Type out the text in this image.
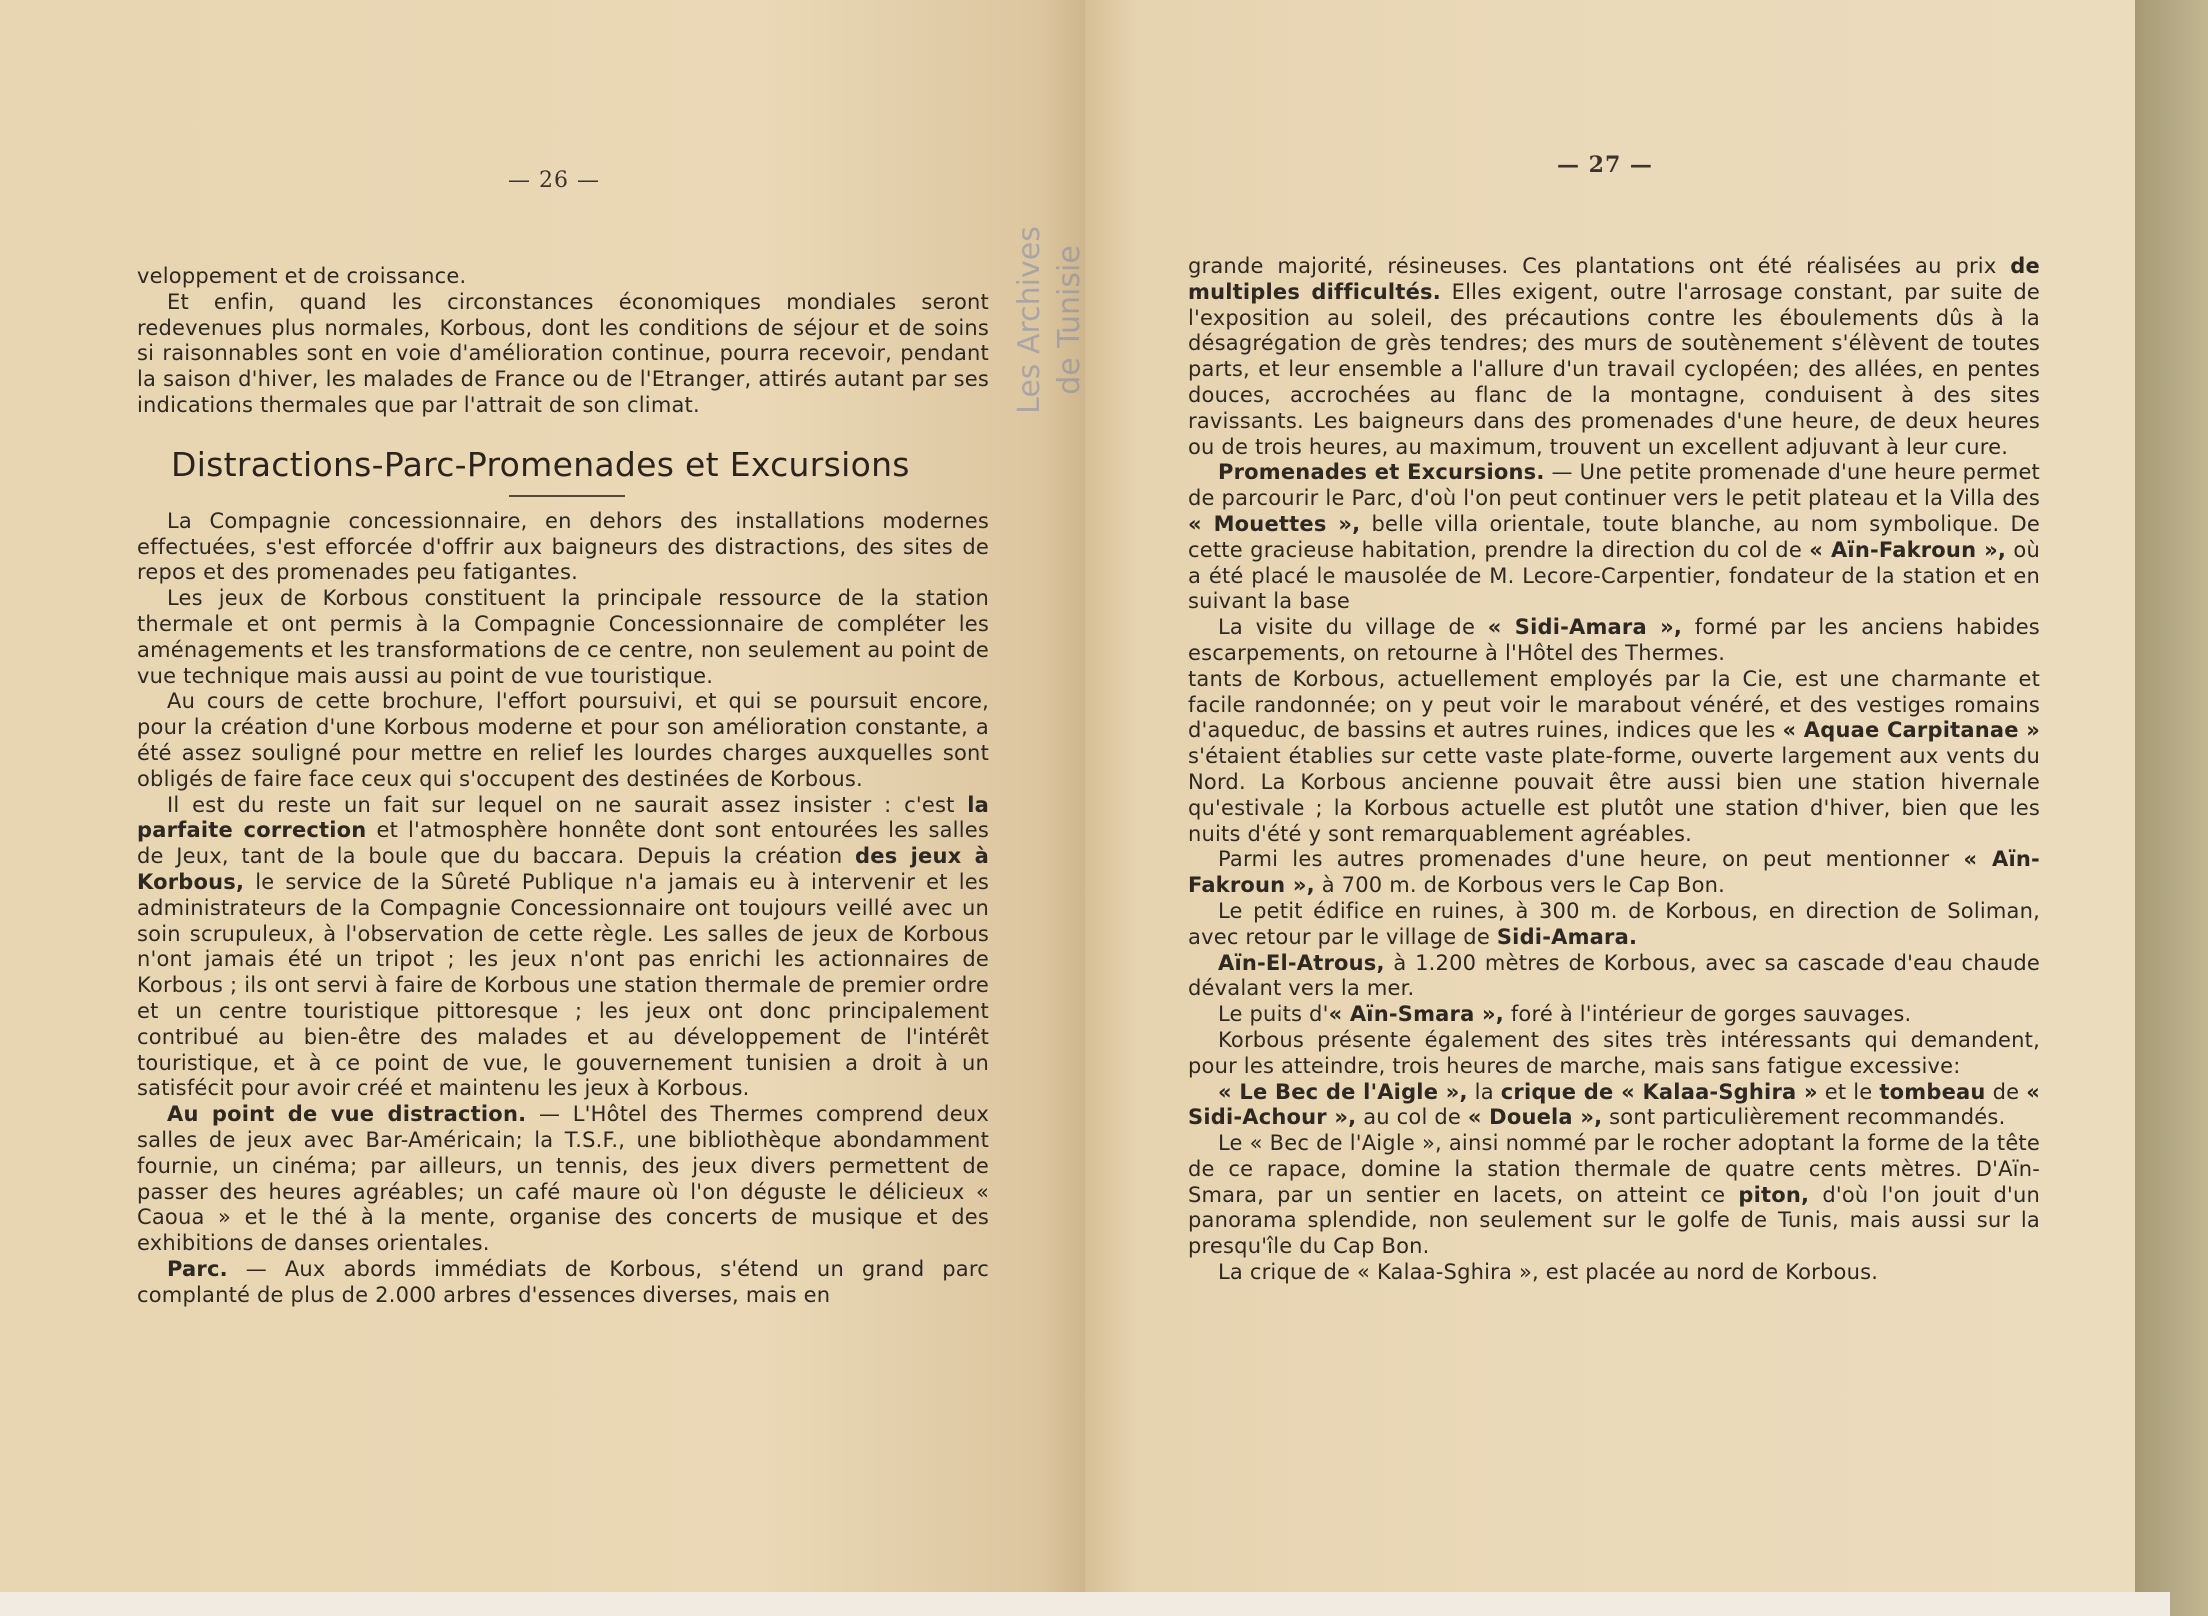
— 26 —
— 27 —

veloppement et de croissance.

Et enfin, quand les circonstances économiques mondiales seront redevenues plus normales, Korbous, dont les conditions de séjour et de soins si raisonnables sont en voie d'amélioration continue, pourra recevoir, pendant la saison d'hiver, les malades de France ou de l'Etranger, attirés autant par ses indications thermales que par l'attrait de son climat.

Distractions-Parc-Promenades et Excursions

La Compagnie concessionnaire, en dehors des installations modernes effectuées, s'est efforcée d'offrir aux baigneurs des distractions, des sites de repos et des promenades peu fatigantes.

Les jeux de Korbous constituent la principale ressource de la station thermale et ont permis à la Compagnie Concessionnaire de compléter les aménagements et les transformations de ce centre, non seulement au point de vue technique mais aussi au point de vue touristique.

Au cours de cette brochure, l'effort poursuivi, et qui se poursuit encore, pour la création d'une Korbous moderne et pour son amélioration constante, a été assez souligné pour mettre en relief les lourdes charges auxquelles sont obligés de faire face ceux qui s'occupent des destinées de Korbous.

Il est du reste un fait sur lequel on ne saurait assez insister : c'est la parfaite correction et l'atmosphère honnête dont sont entourées les salles de Jeux, tant de la boule que du baccara. Depuis la création des jeux à Korbous, le service de la Sûreté Publique n'a jamais eu à intervenir et les administrateurs de la Compagnie Concessionnaire ont toujours veillé avec un soin scrupuleux, à l'observation de cette règle. Les salles de jeux de Korbous n'ont jamais été un tripot ; les jeux n'ont pas enrichi les actionnaires de Korbous ; ils ont servi à faire de Korbous une station thermale de premier ordre et un centre touristique pittoresque ; les jeux ont donc principalement contribué au bien-être des malades et au développement de l'intérêt touristique, et à ce point de vue, le gouvernement tunisien a droit à un satisfécit pour avoir créé et maintenu les jeux à Korbous.

Au point de vue distraction. — L'Hôtel des Thermes comprend deux salles de jeux avec Bar-Américain; la T.S.F., une bibliothèque abondamment fournie, un cinéma; par ailleurs, un tennis, des jeux divers permettent de passer des heures agréables; un café maure où l'on déguste le délicieux « Caoua » et le thé à la mente, organise des concerts de musique et des exhibitions de danses orientales.

Parc. — Aux abords immédiats de Korbous, s'étend un grand parc complanté de plus de 2.000 arbres d'essences diverses, mais en

grande majorité, résineuses. Ces plantations ont été réalisées au prix de multiples difficultés. Elles exigent, outre l'arrosage constant, par suite de l'exposition au soleil, des précautions contre les éboulements dûs à la désagrégation de grès tendres; des murs de soutènement s'élèvent de toutes parts, et leur ensemble a l'allure d'un travail cyclopéen; des allées, en pentes douces, accrochées au flanc de la montagne, conduisent à des sites ravissants. Les baigneurs dans des promenades d'une heure, de deux heures ou de trois heures, au maximum, trouvent un excellent adjuvant à leur cure.

Promenades et Excursions. — Une petite promenade d'une heure permet de parcourir le Parc, d'où l'on peut continuer vers le petit plateau et la Villa des « Mouettes », belle villa orientale, toute blanche, au nom symbolique. De cette gracieuse habitation, prendre la direction du col de « Aïn-Fakroun », où a été placé le mausolée de M. Lecore-Carpentier, fondateur de la station et en suivant la base

La visite du village de « Sidi-Amara », formé par les anciens habides escarpements, on retourne à l'Hôtel des Thermes.

tants de Korbous, actuellement employés par la Cie, est une charmante et facile randonnée; on y peut voir le marabout vénéré, et des vestiges romains d'aqueduc, de bassins et autres ruines, indices que les « Aquae Carpitanae » s'étaient établies sur cette vaste plate-forme, ouverte largement aux vents du Nord. La Korbous ancienne pouvait être aussi bien une station hivernale qu'estivale ; la Korbous actuelle est plutôt une station d'hiver, bien que les nuits d'été y sont remarquablement agréables.

Parmi les autres promenades d'une heure, on peut mentionner « Aïn-Fakroun », à 700 m. de Korbous vers le Cap Bon.

Le petit édifice en ruines, à 300 m. de Korbous, en direction de Soliman, avec retour par le village de Sidi-Amara.

Aïn-El-Atrous, à 1.200 mètres de Korbous, avec sa cascade d'eau chaude dévalant vers la mer.

Le puits d'« Aïn-Smara », foré à l'intérieur de gorges sauvages.

Korbous présente également des sites très intéressants qui demandent, pour les atteindre, trois heures de marche, mais sans fatigue excessive:

« Le Bec de l'Aigle », la crique de « Kalaa-Sghira » et le tombeau de « Sidi-Achour », au col de « Douela », sont particulièrement recommandés.

Le « Bec de l'Aigle », ainsi nommé par le rocher adoptant la forme de la tête de ce rapace, domine la station thermale de quatre cents mètres. D'Aïn-Smara, par un sentier en lacets, on atteint ce piton, d'où l'on jouit d'un panorama splendide, non seulement sur le golfe de Tunis, mais aussi sur la presqu'île du Cap Bon.

La crique de « Kalaa-Sghira », est placée au nord de Korbous.

Les Archives de Tunisie
